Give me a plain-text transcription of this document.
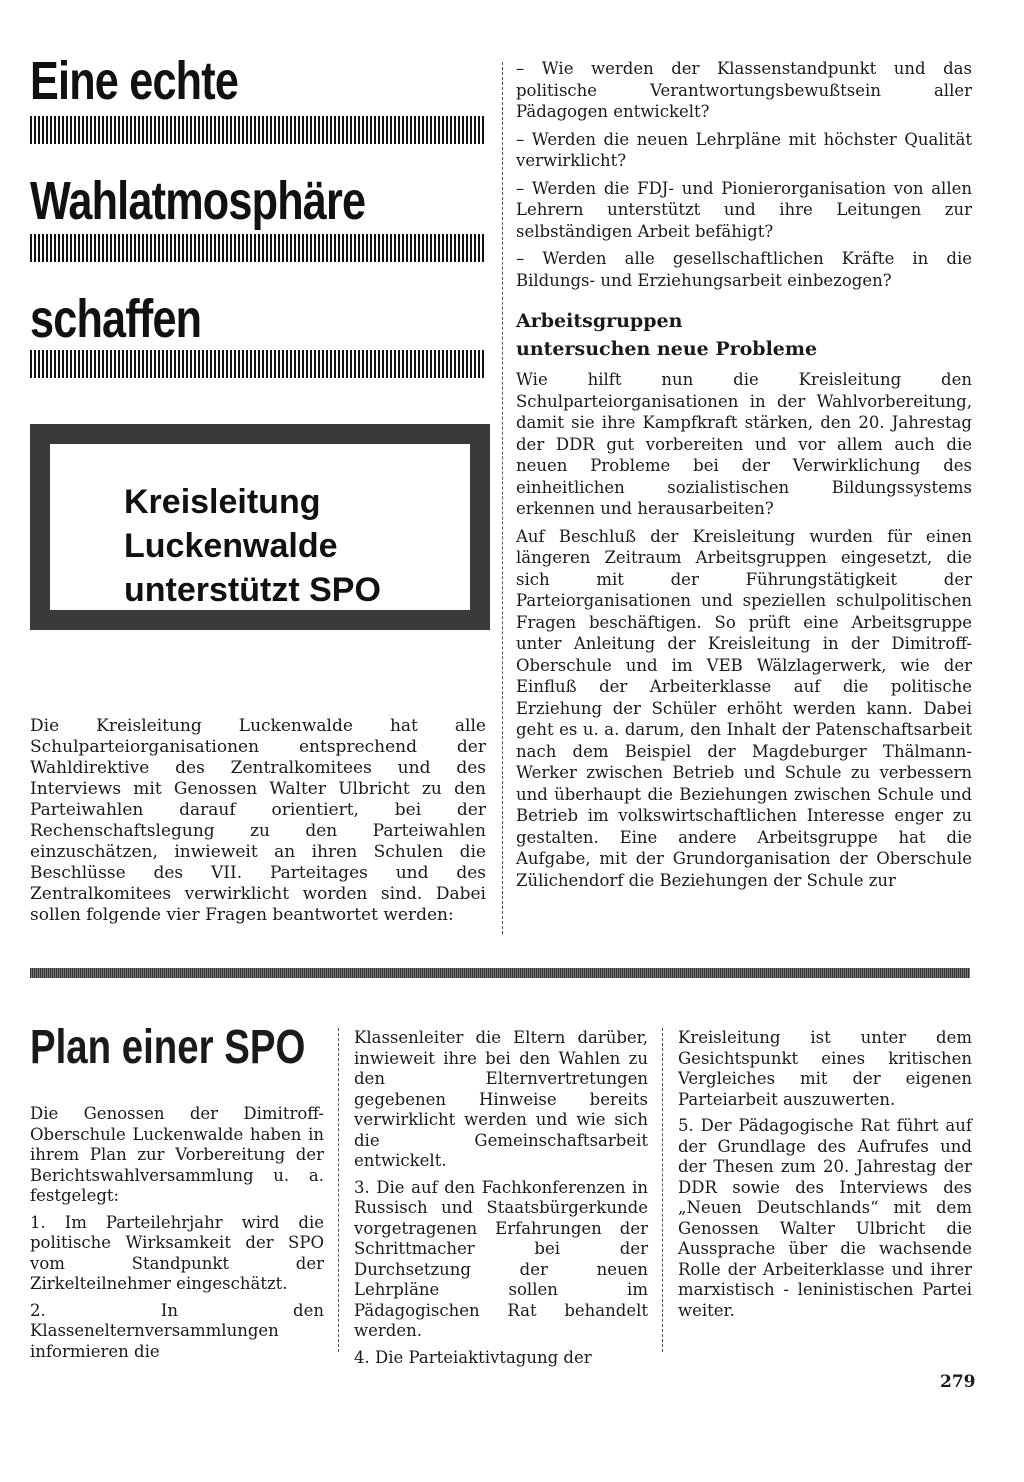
Eine echte
Wahlatmosphäre
schaffen
Kreisleitung
Luckenwalde
unterstützt SPO

Die Kreisleitung Luckenwalde hat alle Schulparteiorganisationen entsprechend der Wahldirektive des Zentralkomitees und des Interviews mit Genossen Walter Ulbricht zu den Parteiwahlen darauf orientiert, bei der Rechenschaftslegung zu den Parteiwahlen einzuschätzen, inwieweit an ihren Schulen die Beschlüsse des VII. Parteitages und des Zentralkomitees verwirklicht worden sind. Dabei sollen folgende vier Fragen beantwortet werden:

– Wie werden der Klassenstandpunkt und das politische Verantwortungsbewußtsein aller Pädagogen entwickelt?

– Werden die neuen Lehrpläne mit höchster Qualität verwirklicht?

– Werden die FDJ- und Pionierorganisation von allen Lehrern unterstützt und ihre Leitungen zur selbständigen Arbeit befähigt?

– Werden alle gesellschaftlichen Kräfte in die Bildungs- und Erziehungsarbeit einbezogen?

Arbeitsgruppen
untersuchen neue Probleme

Wie hilft nun die Kreisleitung den Schulparteiorganisationen in der Wahlvorbereitung, damit sie ihre Kampfkraft stärken, den 20. Jahrestag der DDR gut vorbereiten und vor allem auch die neuen Probleme bei der Verwirklichung des einheitlichen sozialistischen Bildungssystems erkennen und herausarbeiten?

Auf Beschluß der Kreisleitung wurden für einen längeren Zeitraum Arbeitsgruppen eingesetzt, die sich mit der Führungstätigkeit der Parteiorganisationen und speziellen schulpolitischen Fragen beschäftigen. So prüft eine Arbeitsgruppe unter Anleitung der Kreisleitung in der Dimitroff-Oberschule und im VEB Wälzlagerwerk, wie der Einfluß der Arbeiterklasse auf die politische Erziehung der Schüler erhöht werden kann. Dabei geht es u. a. darum, den Inhalt der Patenschaftsarbeit nach dem Beispiel der Magdeburger Thälmann-Werker zwischen Betrieb und Schule zu verbessern und überhaupt die Beziehungen zwischen Schule und Betrieb im volkswirtschaftlichen Interesse enger zu gestalten. Eine andere Arbeitsgruppe hat die Aufgabe, mit der Grundorganisation der Oberschule Zülichendorf die Beziehungen der Schule zur

Plan einer SPO

Die Genossen der Dimitroff-Oberschule Luckenwalde haben in ihrem Plan zur Vorbereitung der Berichtswahlversammlung u. a. festgelegt:

1. Im Parteilehrjahr wird die politische Wirksamkeit der SPO vom Standpunkt der Zirkelteilnehmer eingeschätzt.

2. In den Klassenelternversammlungen informieren die

Klassenleiter die Eltern darüber, inwieweit ihre bei den Wahlen zu den Elternvertretungen gegebenen Hinweise bereits verwirklicht werden und wie sich die Gemeinschaftsarbeit entwickelt.

3. Die auf den Fachkonferenzen in Russisch und Staatsbürgerkunde vorgetragenen Erfahrungen der Schrittmacher bei der Durchsetzung der neuen Lehrpläne sollen im Pädagogischen Rat behandelt werden.

4. Die Parteiaktivtagung der

Kreisleitung ist unter dem Gesichtspunkt eines kritischen Vergleiches mit der eigenen Parteiarbeit auszuwerten.

5. Der Pädagogische Rat führt auf der Grundlage des Aufrufes und der Thesen zum 20. Jahrestag der DDR sowie des Interviews des „Neuen Deutschlands“ mit dem Genossen Walter Ulbricht die Aussprache über die wachsende Rolle der Arbeiterklasse und ihrer marxistisch - leninistischen Partei weiter.

279
